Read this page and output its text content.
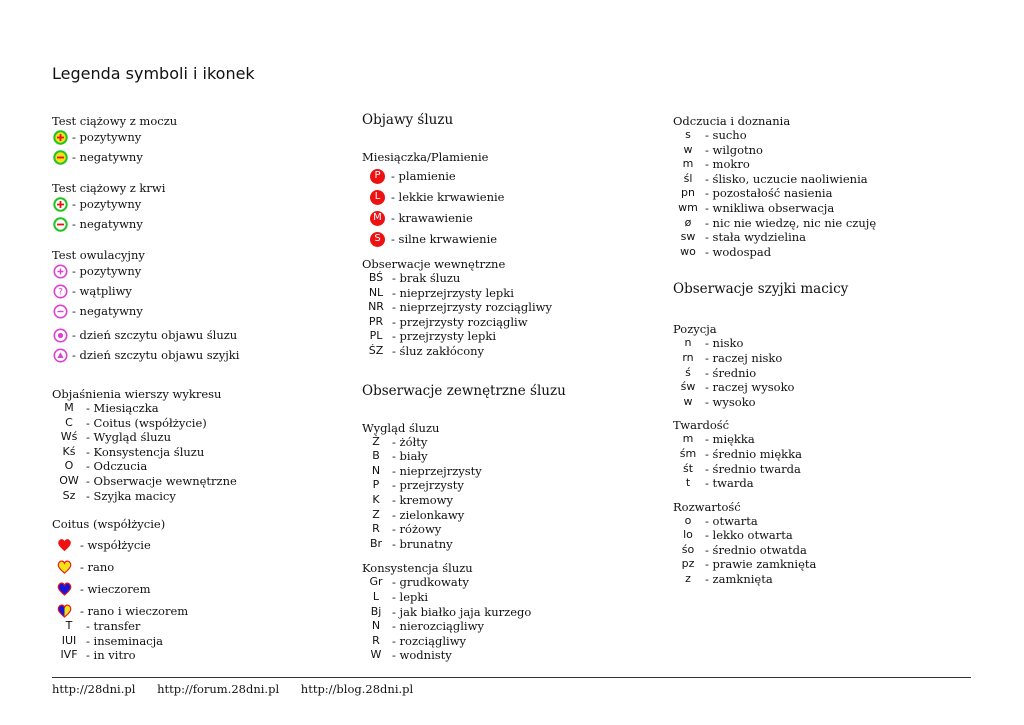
Legenda symboli i ikonek
Test ciążowy z moczu
- pozytywny
- negatywny
Test ciążowy z krwi
- pozytywny
- negatywny
Test owulacyjny
- pozytywny
? - wątpliwy
- negatywny
- dzień szczytu objawu śluzu
- dzień szczytu objawu szyjki
Objaśnienia wierszy wykresu
M	- Miesiączka
C	- Coitus (współżycie)
Wś - Wygląd śluzu
Kś - Konsystencja śluzu
O	- Odczucia
OW - Obserwacje wewnętrzne
Sz - Szyjka macicy
Coitus (współżycie)
- współżycie
- rano
- wieczorem
- rano i wieczorem
T	- transfer
IUI - inseminacja
IVF - in vitro
Objawy śluzu
Miesiączka/Plamienie
P - plamienie
L - lekkie krwawienie
M - krawawienie
S - silne krwawienie
Obserwacje wewnętrzne
BŚ - brak śluzu
NL - nieprzejrzysty lepki
NR - nieprzejrzysty rozciągliwy
PR - przejrzysty rozciągliw
PL - przejrzysty lepki
ŚZ - śluz zakłócony
Obserwacje zewnętrzne śluzu
Wygląd śluzu
Ż	- żółty
B	- biały
N	- nieprzejrzysty
P	- przejrzysty
K	- kremowy
Z	- zielonkawy
R	- różowy
Br - brunatny
Konsystencja śluzu
Gr - grudkowaty
L	- lepki
Bj - jak białko jaja kurzego
N	- nierozciągliwy
R	- rozciągliwy
W - wodnisty
Odczucia i doznania
s	- sucho
w	- wilgotno
m	- mokro
śl	- ślisko, uczucie naoliwienia
pn - pozostałość nasienia
wm - wnikliwa obserwacja
ø	- nic nie wiedzę, nic nie czuję
sw - stała wydzielina
wo - wodospad
Obserwacje szyjki macicy
Pozycja
n	- nisko
rn - raczej nisko
ś	- średnio
św - raczej wysoko
w	- wysoko
Twardość
m	- miękka
śm - średnio miękka
śt	- średnio twarda
t	- twarda
Rozwartość
o	- otwarta
lo	- lekko otwarta
śo - średnio otwatda
pz - prawie zamknięta
z	- zamknięta
http://28dni.pl http://forum.28dni.pl http://blog.28dni.pl
